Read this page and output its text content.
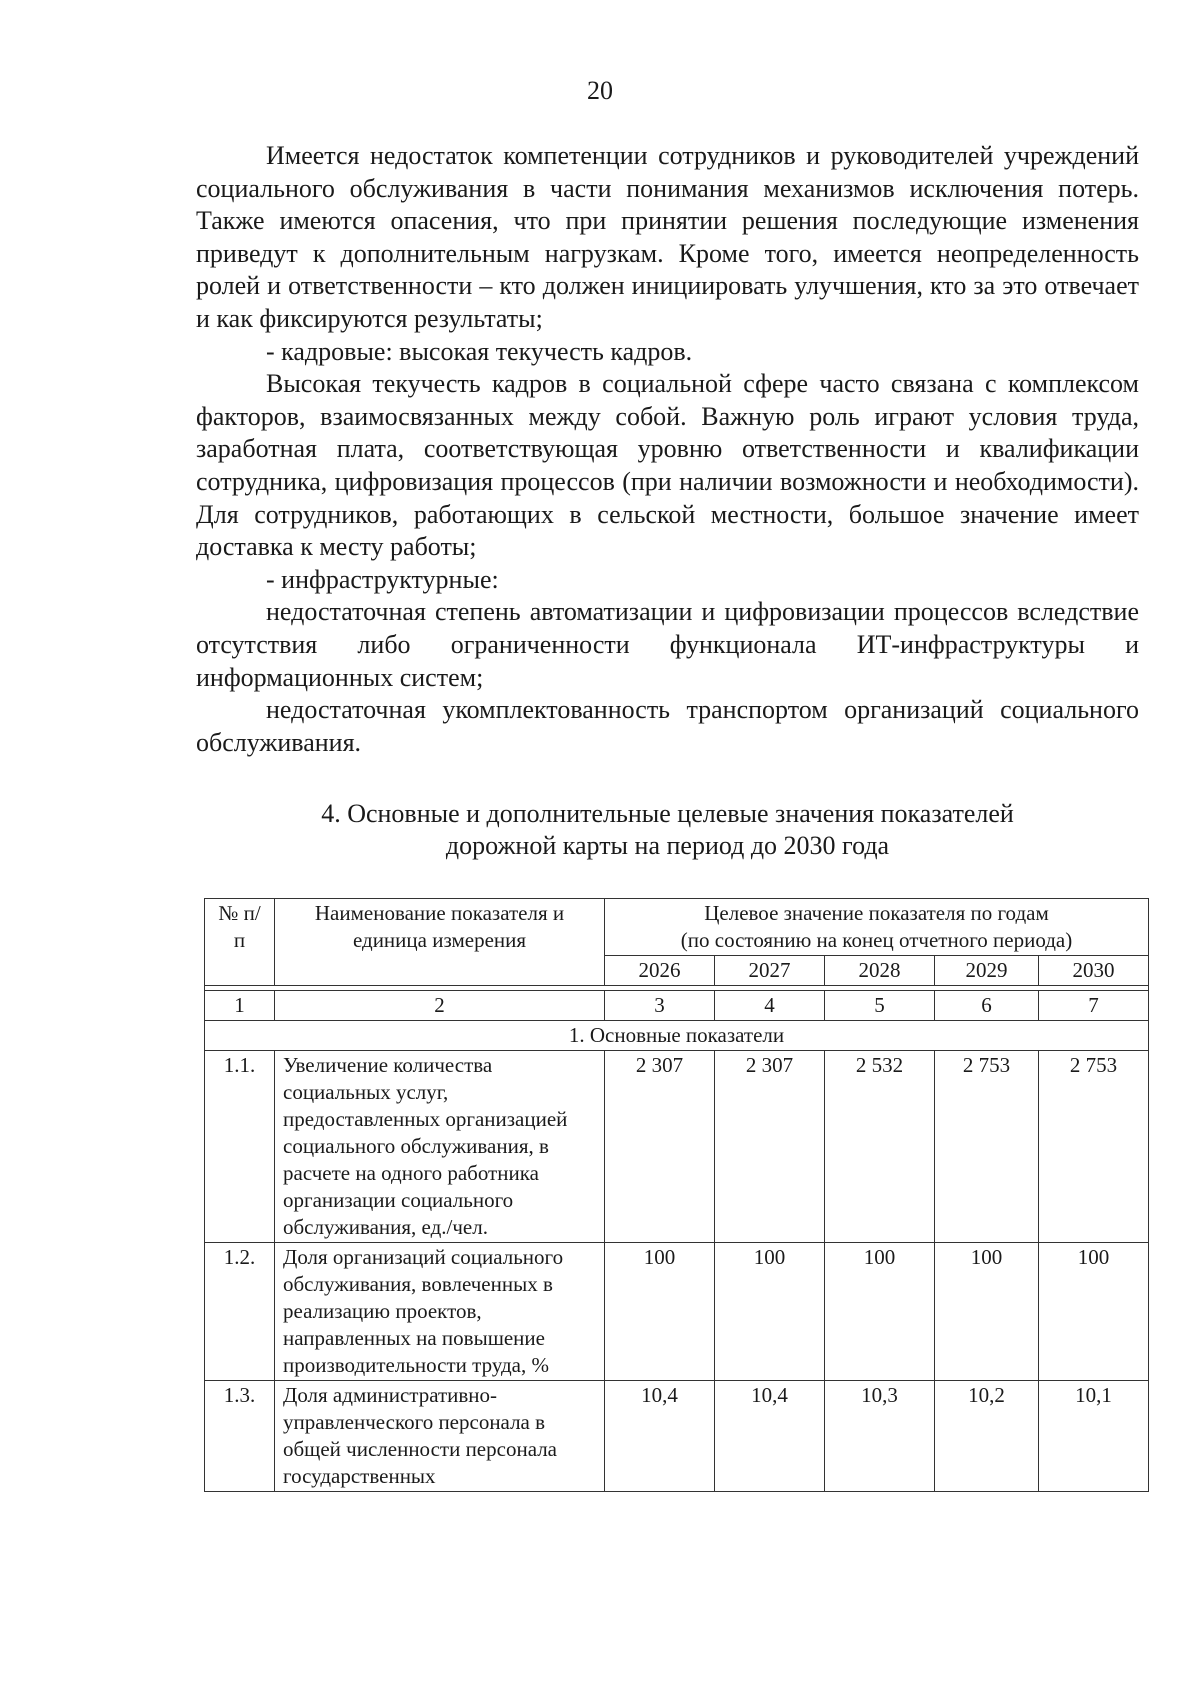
20

Имеется недостаток компетенции сотрудников и руководителей учреждений социального обслуживания в части понимания механизмов исключения потерь. Также имеются опасения, что при принятии решения последующие изменения приведут к дополнительным нагрузкам. Кроме того, имеется неопределенность ролей и ответственности – кто должен инициировать улучшения, кто за это отвечает и как фиксируются результаты;

- кадровые: высокая текучесть кадров.

Высокая текучесть кадров в социальной сфере часто связана с комплексом факторов, взаимосвязанных между собой. Важную роль играют условия труда, заработная плата, соответствующая уровню ответственности и квалификации сотрудника, цифровизация процессов (при наличии возможности и необходимости). Для сотрудников, работающих в сельской местности, большое значение имеет доставка к месту работы;

- инфраструктурные:

недостаточная степень автоматизации и цифровизации процессов вследствие отсутствия либо ограниченности функционала ИТ-инфраструктуры и информационных систем;

недостаточная укомплектованность транспортом организаций социального обслуживания.

4. Основные и дополнительные целевые значения показателей
дорожной карты на период до 2030 года
№ п/п	Наименование показателя и единица измерения	Целевое значение показателя по годам
(по состоянию на конец отчетного периода)				

		2026	2027	2028	2029	2030

1	2	3	4	5	6	7
1. Основные показатели						
1.1.	Увеличение количества социальных услуг, предоставленных организацией социального обслуживания, в расчете на одного работника организации социального обслуживания, ед./чел.	2 307	2 307	2 532	2 753	2 753
1.2.	Доля организаций социального обслуживания, вовлеченных в реализацию проектов, направленных на повышение производительности труда, %	100	100	100	100	100
1.3.	Доля административно-управленческого персонала в общей численности персонала государственных	10,4	10,4	10,3	10,2	10,1
